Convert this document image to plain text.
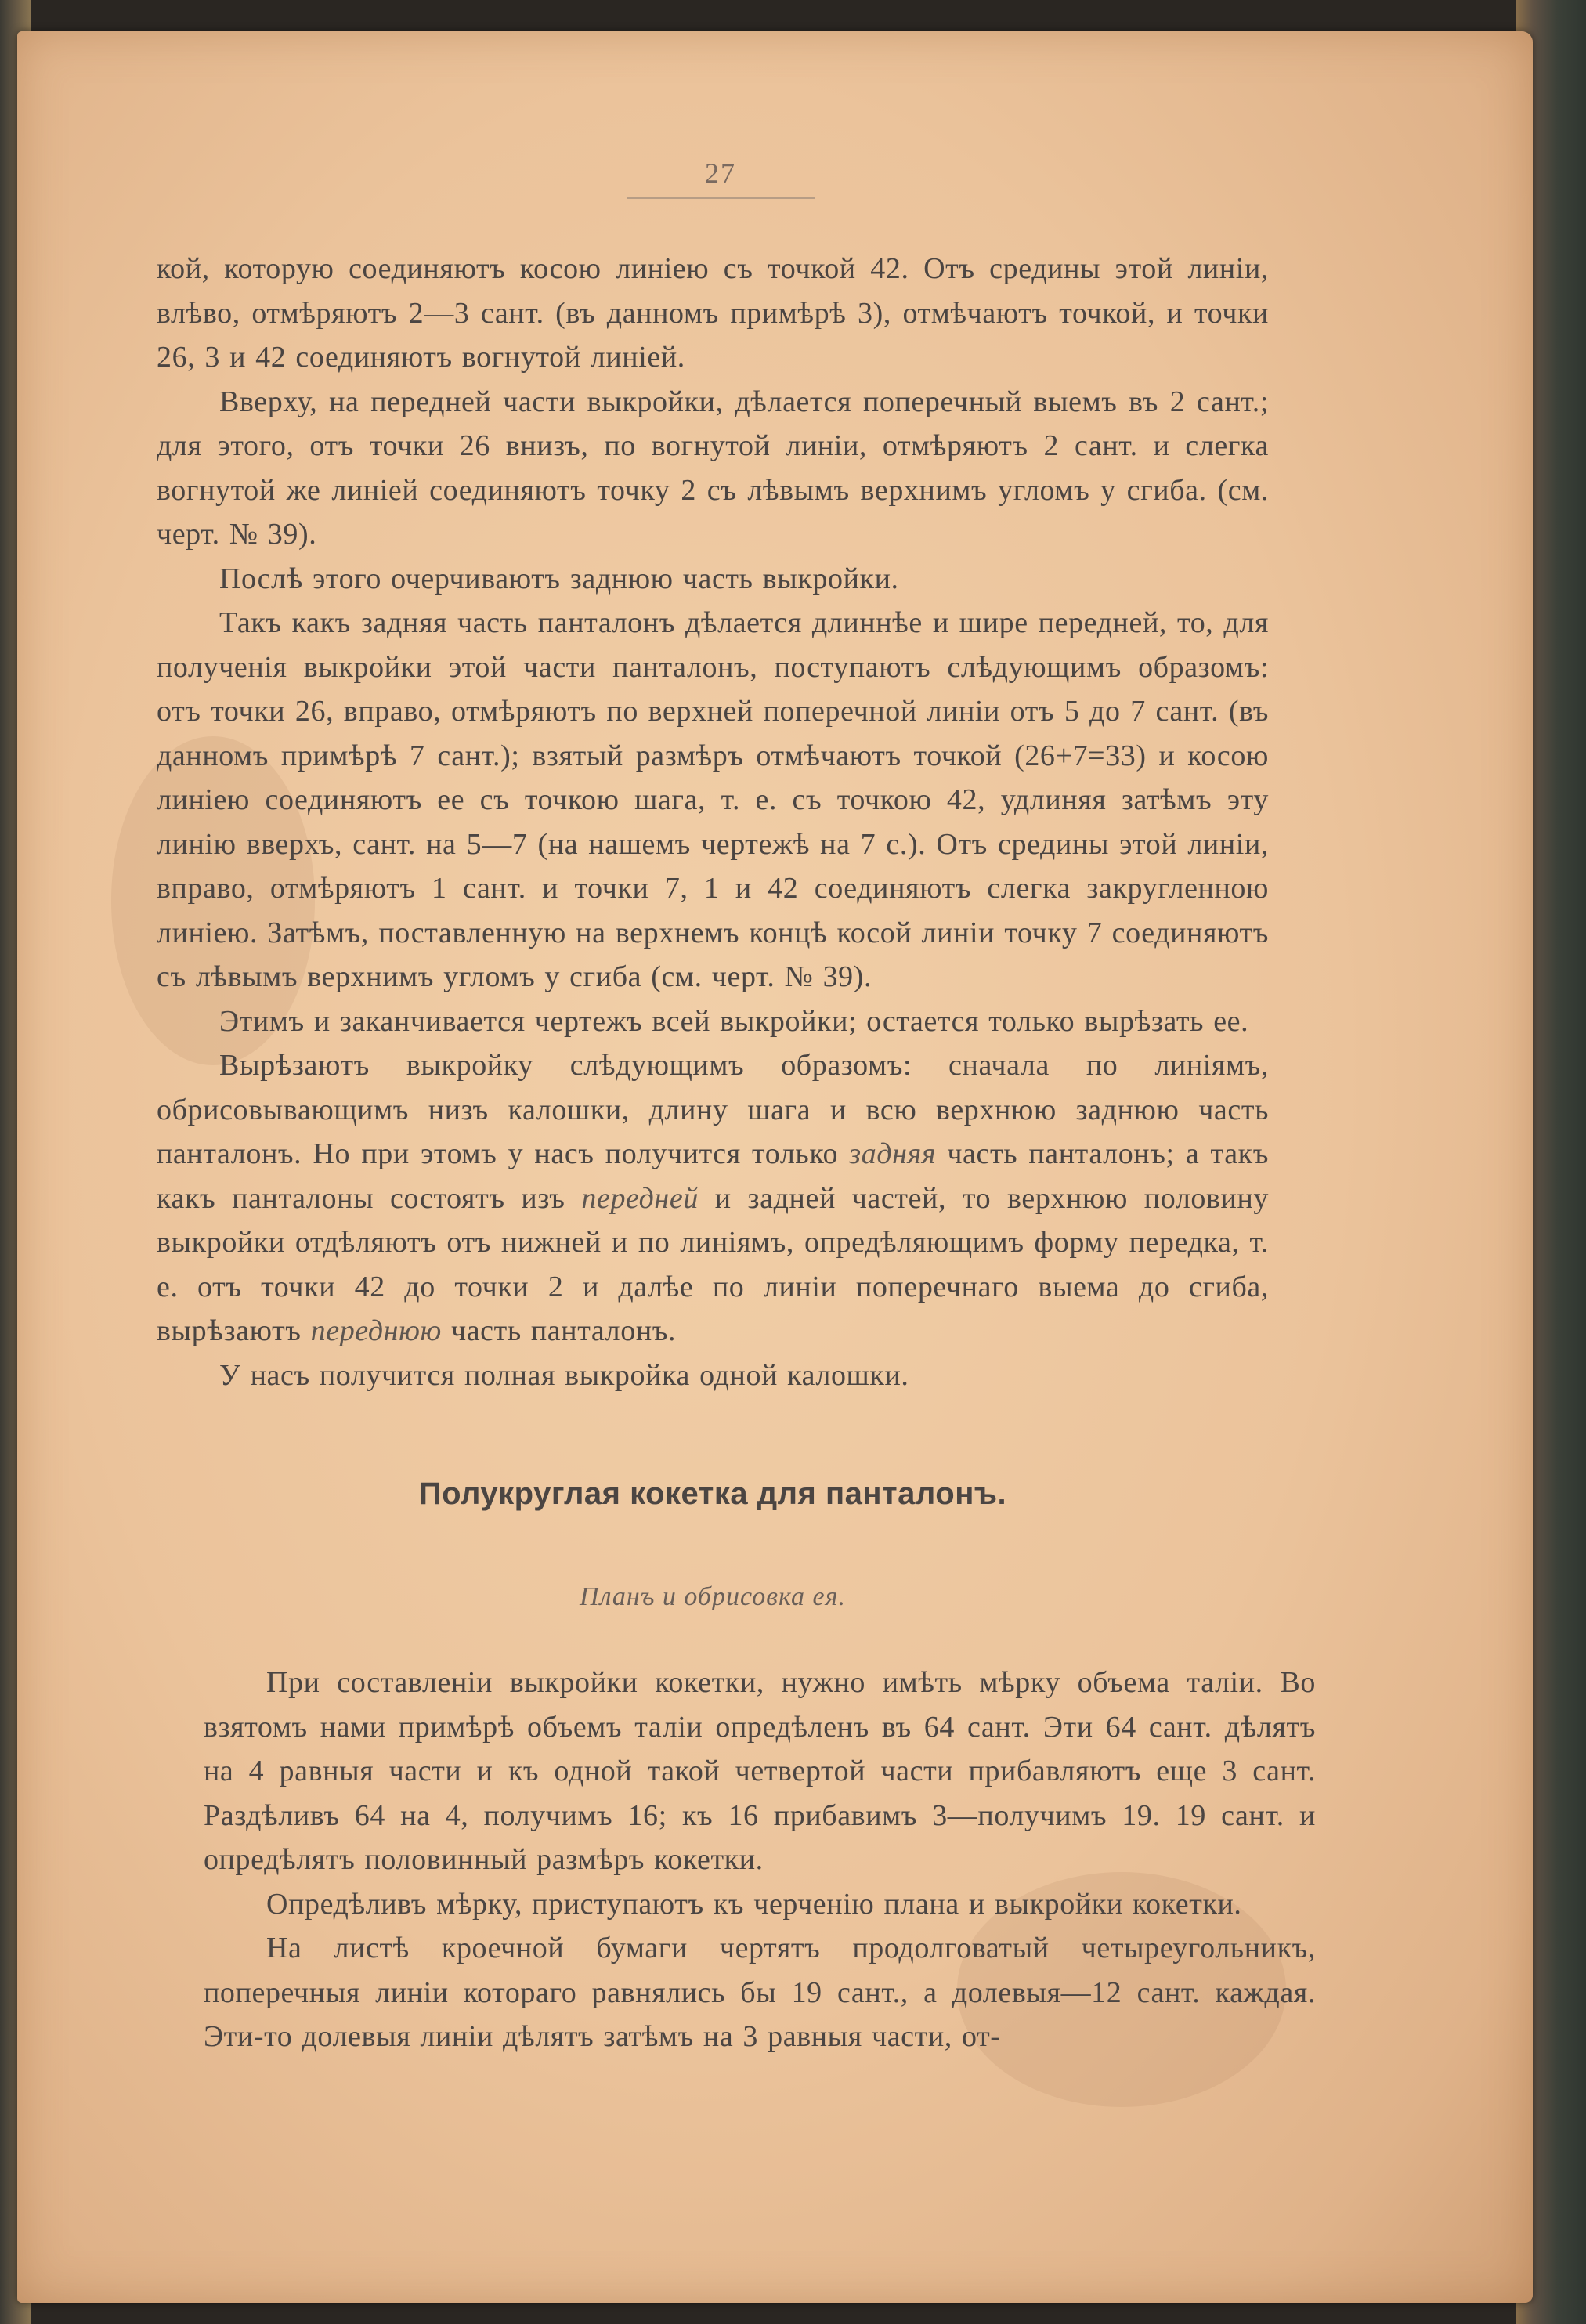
27

кой, которую соединяютъ косою линіею съ точкой 42. Отъ средины этой линіи, влѣво, отмѣряютъ 2—3 сант. (въ данномъ примѣрѣ 3), отмѣчаютъ точкой, и точки 26, 3 и 42 соединяютъ вогнутой линіей.

Вверху, на передней части выкройки, дѣлается поперечный выемъ въ 2 сант.; для этого, отъ точки 26 внизъ, по вогнутой линіи, отмѣряютъ 2 сант. и слегка вогнутой же линіей соединяютъ точку 2 съ лѣвымъ верхнимъ угломъ у сгиба. (см. черт. № 39).

Послѣ этого очерчиваютъ заднюю часть выкройки.

Такъ какъ задняя часть панталонъ дѣлается длиннѣе и шире передней, то, для полученія выкройки этой части панталонъ, поступаютъ слѣдующимъ образомъ: отъ точки 26, вправо, отмѣряютъ по верхней поперечной линіи отъ 5 до 7 сант. (въ данномъ примѣрѣ 7 сант.); взятый размѣръ отмѣчаютъ точкой (26+7=33) и косою линіею соединяютъ ее съ точкою шага, т. е. съ точкою 42, удлиняя затѣмъ эту линію вверхъ, сант. на 5—7 (на нашемъ чертежѣ на 7 с.). Отъ средины этой линіи, вправо, отмѣряютъ 1 сант. и точки 7, 1 и 42 соединяютъ слегка закругленною линіею. Затѣмъ, поставленную на верхнемъ концѣ косой линіи точку 7 соединяютъ съ лѣвымъ верхнимъ угломъ у сгиба (см. черт. № 39).

Этимъ и заканчивается чертежъ всей выкройки; остается только вырѣзать ее.

Вырѣзаютъ выкройку слѣдующимъ образомъ: сначала по линіямъ, обрисовывающимъ низъ калошки, длину шага и всю верхнюю заднюю часть панталонъ. Но при этомъ у насъ получится только задняя часть панталонъ; а такъ какъ панталоны состоятъ изъ передней и задней частей, то верхнюю половину выкройки отдѣляютъ отъ нижней и по линіямъ, опредѣляющимъ форму передка, т. е. отъ точки 42 до точки 2 и далѣе по линіи поперечнаго выема до сгиба, вырѣзаютъ переднюю часть панталонъ.

У насъ получится полная выкройка одной калошки.

Полукруглая кокетка для панталонъ.
Планъ и обрисовка ея.

При составленіи выкройки кокетки, нужно имѣть мѣрку объема таліи. Во взятомъ нами примѣрѣ объемъ таліи опредѣленъ въ 64 сант. Эти 64 сант. дѣлятъ на 4 равныя части и къ одной такой четвертой части прибавляютъ еще 3 сант. Раздѣливъ 64 на 4, получимъ 16; къ 16 прибавимъ 3—получимъ 19. 19 сант. и опредѣлятъ половинный размѣръ кокетки.

Опредѣливъ мѣрку, приступаютъ къ черченію плана и выкройки кокетки.

На листѣ кроечной бумаги чертятъ продолговатый четыреугольникъ, поперечныя линіи котораго равнялись бы 19 сант., а долевыя—12 сант. каждая. Эти-то долевыя линіи дѣлятъ затѣмъ на 3 равныя части, от-
